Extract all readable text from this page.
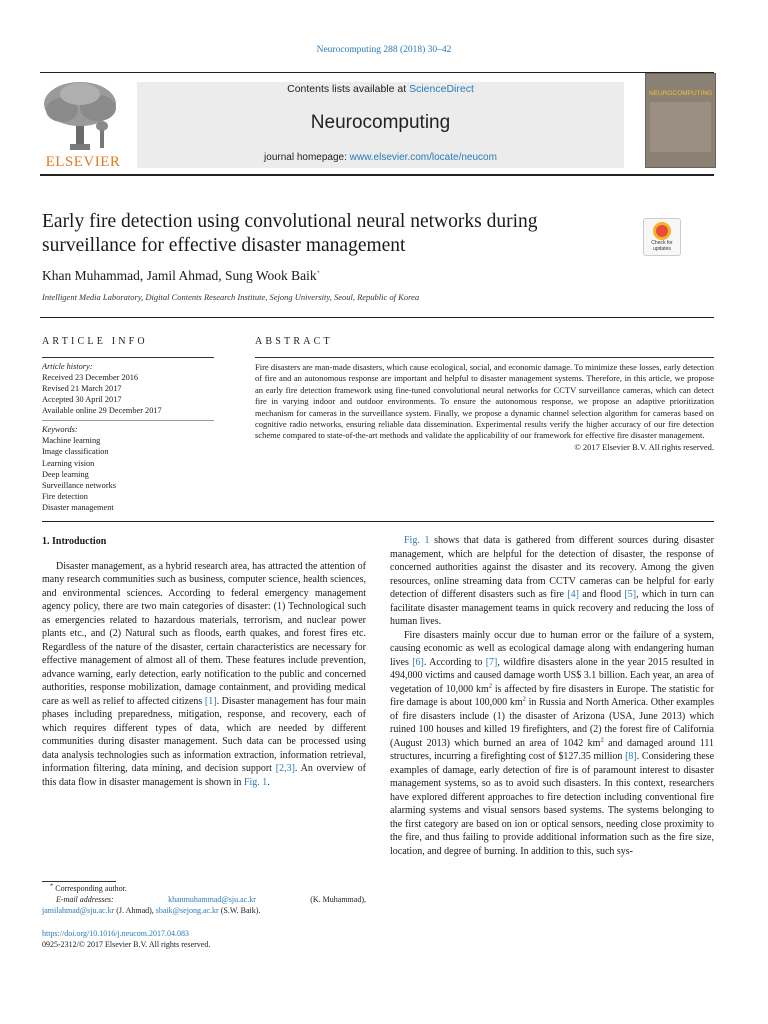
Neurocomputing 288 (2018) 30–42
ELSEVIER
Contents lists available at ScienceDirect
Neurocomputing
journal homepage: www.elsevier.com/locate/neucom
NEUROCOMPUTING
Early fire detection using convolutional neural networks during surveillance for effective disaster management	Check for updates
Khan Muhammad, Jamil Ahmad, Sung Wook Baik*
Intelligent Media Laboratory, Digital Contents Research Institute, Sejong University, Seoul, Republic of Korea
ARTICLE INFO	ABSTRACT
Article history:
Received 23 December 2016
Revised 21 March 2017
Accepted 30 April 2017
Available online 29 December 2017
Keywords:
Machine learning
Image classification
Learning vision
Deep learning
Surveillance networks
Fire detection
Disaster management
Fire disasters are man-made disasters, which cause ecological, social, and economic damage. To minimize these losses, early detection of fire and an autonomous response are important and helpful to disaster management systems. Therefore, in this article, we propose an early fire detection framework using fine-tuned convolutional neural networks for CCTV surveillance cameras, which can detect fire in varying indoor and outdoor environments. To ensure the autonomous response, we propose an adaptive prioritization mechanism for cameras in the surveillance system. Finally, we propose a dynamic channel selection algorithm for cameras based on cognitive radio networks, ensuring reliable data dissemination. Experimental results verify the higher accuracy of our fire detection scheme compared to state-of-the-art methods and validate the applicability of our framework for effective fire disaster management.
© 2017 Elsevier B.V. All rights reserved.
1. Introduction

Disaster management, as a hybrid research area, has attracted the attention of many research communities such as business, computer science, health sciences, and environmental sciences. According to federal emergency management agency policy, there are two main categories of disaster: (1) Technological such as emergencies related to hazardous materials, terrorism, and nuclear power plants etc., and (2) Natural such as floods, earth quakes, and forest fires etc. Regardless of the nature of the disaster, certain characteristics are necessary for effective management of almost all of them. These features include prevention, advance warning, early detection, early notification to the public and concerned authorities, response mobilization, damage containment, and providing medical care as well as relief to affected citizens [1]. Disaster management has four main phases including preparedness, mitigation, response, and recovery, each of which requires different types of data, which are needed by different communities during disaster management. Such data can be processed using data analysis technologies such as information extraction, information retrieval, information filtering, data mining, and decision support [2,3]. An overview of this data flow in disaster management is shown in Fig. 1.

Fig. 1 shows that data is gathered from different sources during disaster management, which are helpful for the detection of disaster, the response of concerned authorities against the disaster and its recovery. Among the given resources, online streaming data from CCTV cameras can be helpful for early detection of different disasters such as fire [4] and flood [5], which in turn can facilitate disaster management teams in quick recovery and reducing the loss of human lives.

Fire disasters mainly occur due to human error or the failure of a system, causing economic as well as ecological damage along with endangering human lives [6]. According to [7], wildfire disasters alone in the year 2015 resulted in 494,000 victims and caused damage worth US$ 3.1 billion. Each year, an area of vegetation of 10,000 $km^2$ is affected by fire disasters in Europe. The statistic for fire damage is about 100,000 $km^2$ in Russia and North America. Other examples of fire disasters include (1) the disaster of Arizona (USA, June 2013) which ruined 100 houses and killed 19 firefighters, and (2) the forest fire of California (August 2013) which burned an area of 1042 $km^2$ and damaged around 111 structures, incurring a firefighting cost of $127.35 million [8]. Considering these examples of damage, early detection of fire is of paramount interest to disaster management systems, so as to avoid such disasters. In this context, researchers have explored different approaches to fire detection including conventional fire alarming systems and visual sensors based systems. The systems belonging to the first category are based on ion or optical sensors, needing close proximity to the fire, and thus failing to provide additional information such as the fire size, location, and degree of burning. In addition to this, such sys-

* Corresponding author.
E-mail addresses:	khanmuhammad@sju.ac.kr	(K. Muhammad),
jamilahmad@sju.ac.kr (J. Ahmad), sbaik@sejong.ac.kr (S.W. Baik).
https://doi.org/10.1016/j.neucom.2017.04.083
0925-2312/© 2017 Elsevier B.V. All rights reserved.
